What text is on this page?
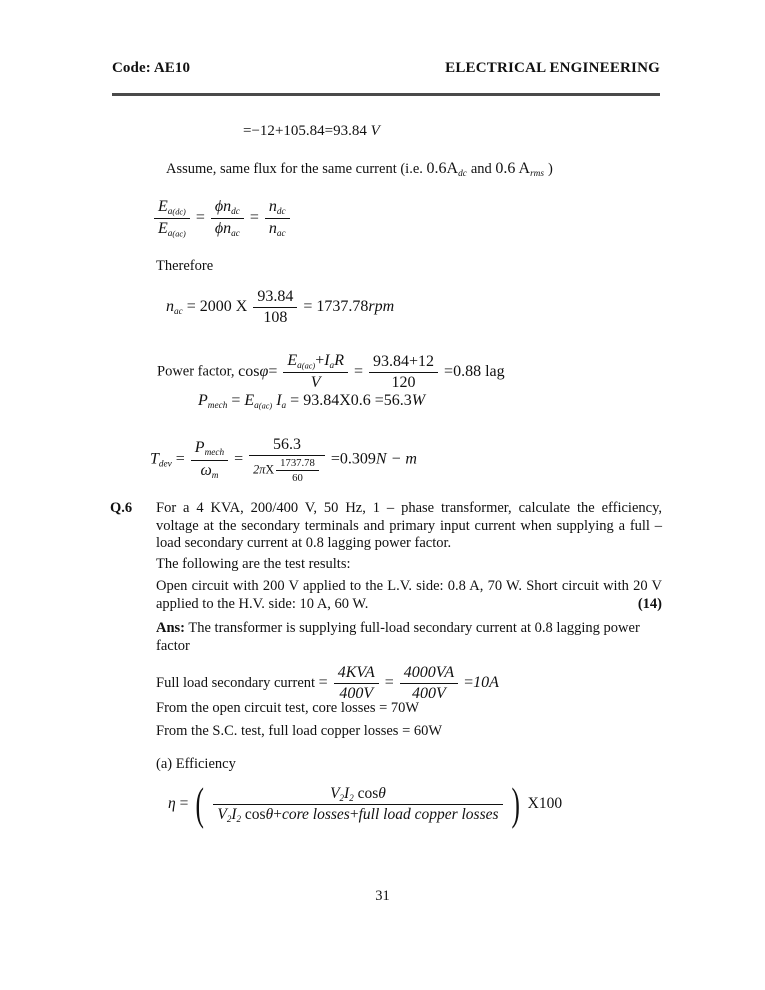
Code: AE10	ELECTRICAL ENGINEERING
=−12+105.84=93.84 V
Assume, same flux for the same current (i.e. 0.6Adc and 0.6 Arms )
$\frac{Ea_{(dc)}}{Ea_{(ac)}} = \frac{\text{ϕndc}}{\text{ϕnac}} = \frac{\text{ndc}}{\text{nac}}$
Therefore
nac = 2000 X $\frac{93.84}{108} = 1737.78rpm$
Power factor, $\cos\varphi= \frac{Ea_{(ac)}+IaR}{V} = \frac{93.84+12}{120} =0.88$ lag
Pmech = $Ea_{(ac)}$ Ia = 93.84X0.6 =56.3W
Tdev = $\frac{\text{Pmech}}{\omega m} = \frac{56.3}{2\pi X \frac{1737.78}{60}} =0.309N - m$
Q.6	For a 4 KVA, 200/400 V, 50 Hz, 1 – phase transformer, calculate the efficiency, voltage at the secondary terminals and primary input current when supplying a full – load secondary current at 0.8 lagging power factor.
The following are the test results:
Open circuit with 200 V applied to the L.V. side: 0.8 A, 70 W. Short circuit with 20 V applied to the H.V. side: 10 A, 60 W.	(14)
Ans: The transformer is supplying full-load secondary current at 0.8 lagging power factor
Full load secondary current = $\frac{\text{4KVA}}{400V} = \frac{4000VA}{400V} =10A$
From the open circuit test, core losses = 70W
From the S.C. test, full load copper losses = 60W
(a) Efficiency
η = ( $\frac{V2I2 \cos\theta}{\text{V2I2 cosθ+core losses+full load copper losses}}$ ) X100
31
